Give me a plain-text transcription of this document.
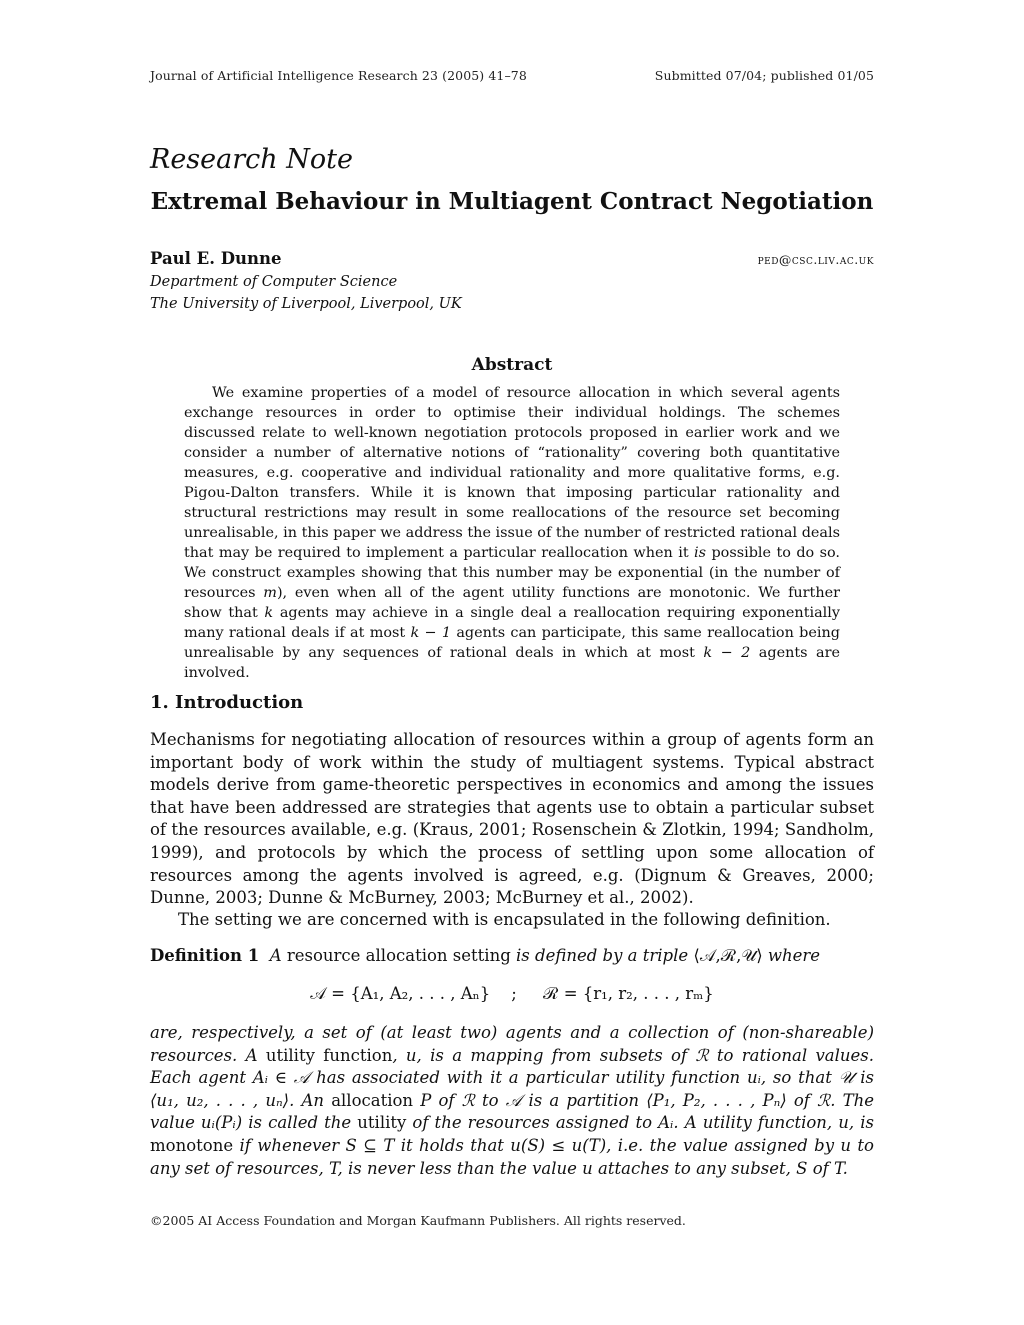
Journal of Artificial Intelligence Research 23 (2005) 41–78	Submitted 07/04; published 01/05
Research Note
Extremal Behaviour in Multiagent Contract Negotiation
Paul E. Dunne	ped@csc.liv.ac.uk
Department of Computer Science
The University of Liverpool, Liverpool, UK
Abstract
We examine properties of a model of resource allocation in which several agents exchange resources in order to optimise their individual holdings. The schemes discussed relate to well-known negotiation protocols proposed in earlier work and we consider a number of alternative notions of “rationality” covering both quantitative measures, e.g. cooperative and individual rationality and more qualitative forms, e.g. Pigou-Dalton transfers. While it is known that imposing particular rationality and structural restrictions may result in some reallocations of the resource set becoming unrealisable, in this paper we address the issue of the number of restricted rational deals that may be required to implement a particular reallocation when it is possible to do so. We construct examples showing that this number may be exponential (in the number of resources m), even when all of the agent utility functions are monotonic. We further show that k agents may achieve in a single deal a reallocation requiring exponentially many rational deals if at most k − 1 agents can participate, this same reallocation being unrealisable by any sequences of rational deals in which at most k − 2 agents are involved.
1. Introduction
Mechanisms for negotiating allocation of resources within a group of agents form an important body of work within the study of multiagent systems. Typical abstract models derive from game-theoretic perspectives in economics and among the issues that have been addressed are strategies that agents use to obtain a particular subset of the resources available, e.g. (Kraus, 2001; Rosenschein & Zlotkin, 1994; Sandholm, 1999), and protocols by which the process of settling upon some allocation of resources among the agents involved is agreed, e.g. (Dignum & Greaves, 2000; Dunne, 2003; Dunne & McBurney, 2003; McBurney et al., 2002).
The setting we are concerned with is encapsulated in the following definition.
Definition 1 A resource allocation setting is defined by a triple ⟨𝒜,ℛ,𝒰⟩ where
𝒜 = {A₁, A₂, . . . , Aₙ} ; ℛ = {r₁, r₂, . . . , rₘ}
are, respectively, a set of (at least two) agents and a collection of (non-shareable) resources. A utility function, u, is a mapping from subsets of ℛ to rational values. Each agent Aᵢ ∈ 𝒜 has associated with it a particular utility function uᵢ, so that 𝒰 is ⟨u₁, u₂, . . . , uₙ⟩. An allocation P of ℛ to 𝒜 is a partition ⟨P₁, P₂, . . . , Pₙ⟩ of ℛ. The value uᵢ(Pᵢ) is called the utility of the resources assigned to Aᵢ. A utility function, u, is monotone if whenever S ⊆ T it holds that u(S) ≤ u(T), i.e. the value assigned by u to any set of resources, T, is never less than the value u attaches to any subset, S of T.
©2005 AI Access Foundation and Morgan Kaufmann Publishers. All rights reserved.
